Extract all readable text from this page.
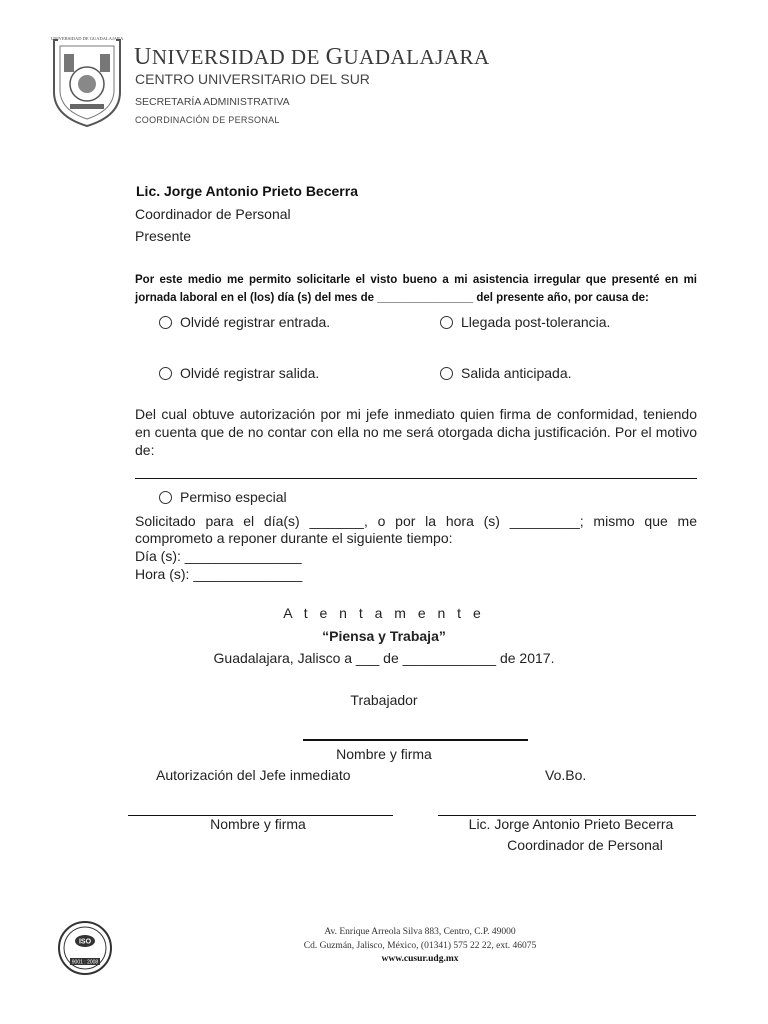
UNIVERSIDAD DE GUADALAJARA
UNIVERSIDAD DE GUADALAJARA
CENTRO UNIVERSITARIO DEL SUR
SECRETARÍA ADMINISTRATIVA
COORDINACIÓN DE PERSONAL
Lic. Jorge Antonio Prieto Becerra
Coordinador de Personal
Presente
Por este medio me permito solicitarle el visto bueno a mi asistencia irregular que presenté en mi jornada laboral en el (los) día (s) del mes de _______________ del presente año, por causa de:
Olvidé registrar entrada.	Llegada post-tolerancia.
Olvidé registrar salida.	Salida anticipada.
Del cual obtuve autorización por mi jefe inmediato quien firma de conformidad, teniendo en cuenta que de no contar con ella no me será otorgada dicha justificación. Por el motivo de:
Permiso especial
Solicitado para el día(s) _______, o por la hora (s) _________; mismo que me comprometo a reponer durante el siguiente tiempo:
Día (s): _______________
Hora (s): ______________
A t e n t a m e n t e
“Piensa y Trabaja”
Guadalajara, Jalisco a ___ de ____________ de 2017.
Trabajador
Nombre y firma
Autorización del Jefe inmediato	Vo.Bo.
Nombre y firma	Lic. Jorge Antonio Prieto Becerra
Coordinador de Personal
ISO
9001 : 2008
Av. Enrique Arreola Silva 883, Centro, C.P. 49000
Cd. Guzmán, Jalisco, México, (01341) 575 22 22, ext. 46075
www.cusur.udg.mx
